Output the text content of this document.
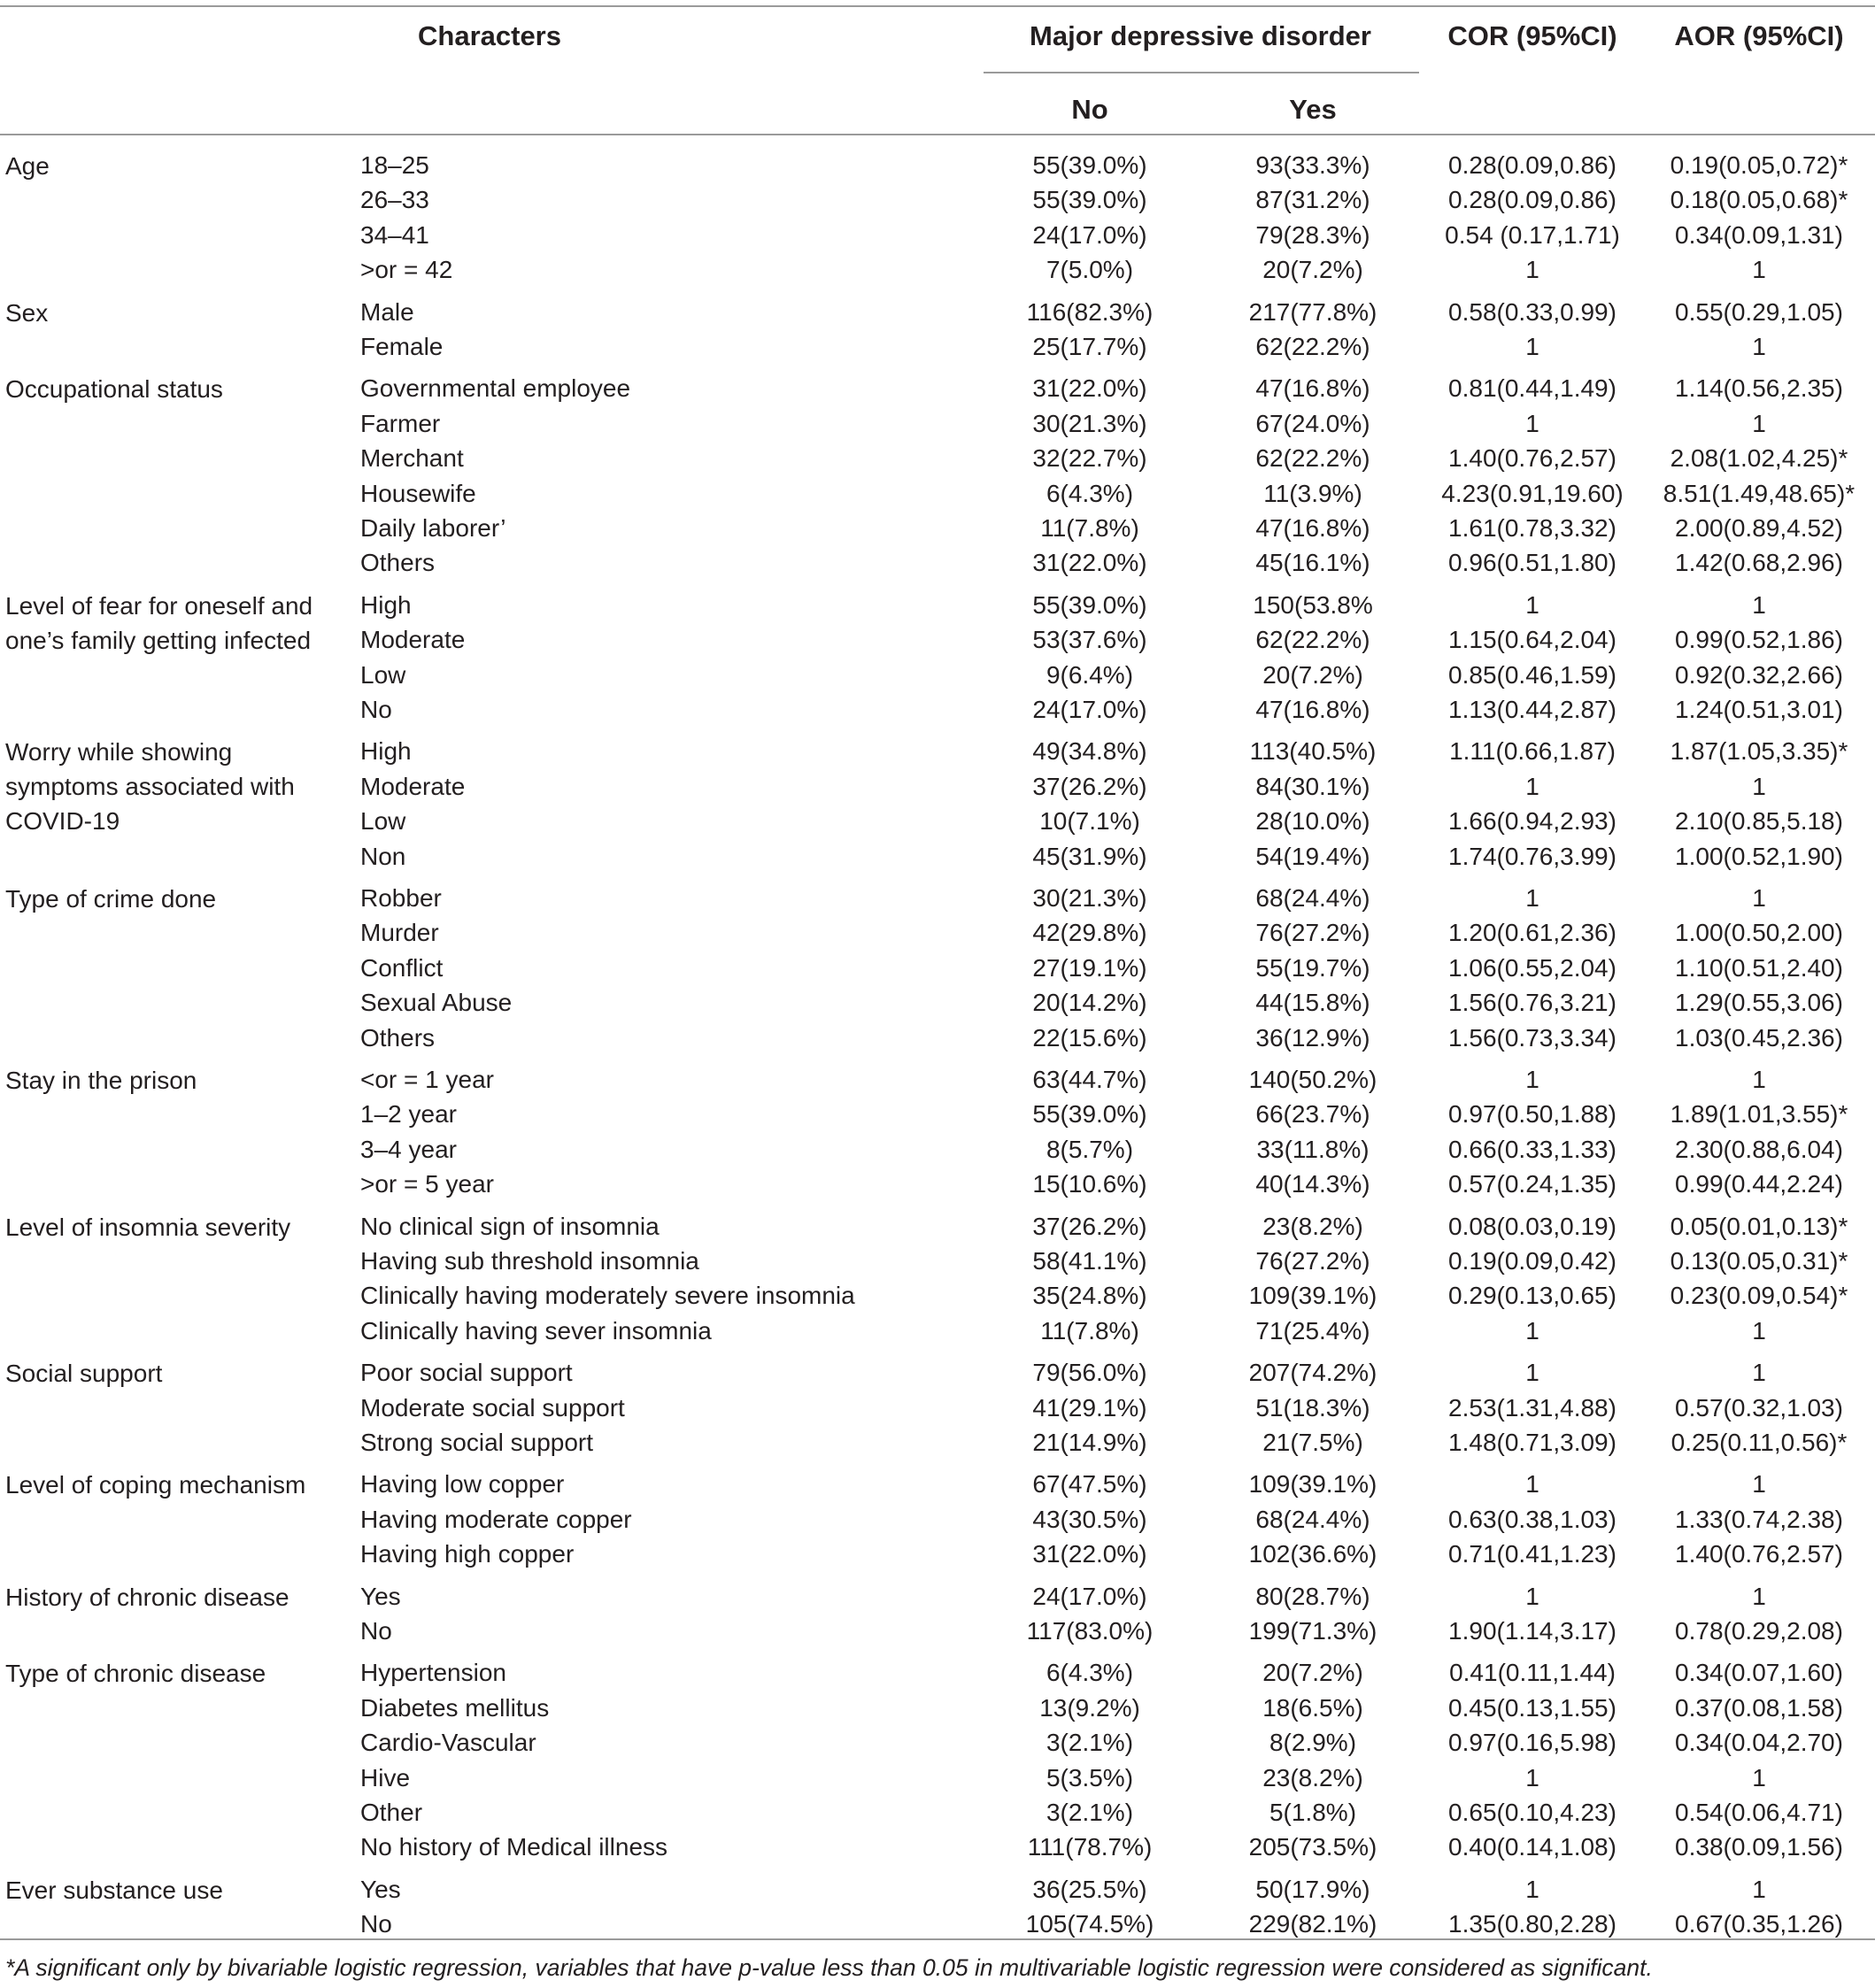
Characters	Major depressive disorder	COR (95%CI) AOR (95%CI)
No	Yes
Age	18–25	55(39.0%)	93(33.3%)	0.28(0.09,0.86) 0.19(0.05,0.72)*
26–33	55(39.0%)	87(31.2%)	0.28(0.09,0.86) 0.18(0.05,0.68)*
34–41	24(17.0%)	79(28.3%)	0.54 (0.17,1.71) 0.34(0.09,1.31)
>or = 42	7(5.0%)	20(7.2%)	1	1
Sex	Male	116(82.3%)	217(77.8%)	0.58(0.33,0.99) 0.55(0.29,1.05)
Female	25(17.7%)	62(22.2%)	1	1
Occupational status	Governmental employee	31(22.0%)	47(16.8%)	0.81(0.44,1.49) 1.14(0.56,2.35)
Farmer	30(21.3%)	67(24.0%)	1	1
Merchant	32(22.7%)	62(22.2%)	1.40(0.76,2.57) 2.08(1.02,4.25)*
Housewife	6(4.3%)	11(3.9%)	4.23(0.91,19.60) 8.51(1.49,48.65)*
Daily laborer’	11(7.8%)	47(16.8%)	1.61(0.78,3.32) 2.00(0.89,4.52)
Others	31(22.0%)	45(16.1%)	0.96(0.51,1.80) 1.42(0.68,2.96)
Level of fear for oneself and one’s family getting infected
High	55(39.0%)	150(53.8%	1	1
Moderate	53(37.6%)	62(22.2%)	1.15(0.64,2.04) 0.99(0.52,1.86)
Low	9(6.4%)	20(7.2%)	0.85(0.46,1.59) 0.92(0.32,2.66)
No	24(17.0%)	47(16.8%)	1.13(0.44,2.87) 1.24(0.51,3.01)
Worry while showing symptoms associated with COVID-19
High	49(34.8%)	113(40.5%)	1.11(0.66,1.87) 1.87(1.05,3.35)*
Moderate	37(26.2%)	84(30.1%)	1	1
Low	10(7.1%)	28(10.0%)	1.66(0.94,2.93) 2.10(0.85,5.18)
Non	45(31.9%)	54(19.4%)	1.74(0.76,3.99) 1.00(0.52,1.90)
Type of crime done	Robber	30(21.3%)	68(24.4%)	1	1
Murder	42(29.8%)	76(27.2%)	1.20(0.61,2.36) 1.00(0.50,2.00)
Conflict	27(19.1%)	55(19.7%)	1.06(0.55,2.04) 1.10(0.51,2.40)
Sexual Abuse	20(14.2%)	44(15.8%)	1.56(0.76,3.21) 1.29(0.55,3.06)
Others	22(15.6%)	36(12.9%)	1.56(0.73,3.34) 1.03(0.45,2.36)
Stay in the prison	<or = 1 year	63(44.7%)	140(50.2%)	1	1
1–2 year	55(39.0%)	66(23.7%)	0.97(0.50,1.88) 1.89(1.01,3.55)*
3–4 year	8(5.7%)	33(11.8%)	0.66(0.33,1.33) 2.30(0.88,6.04)
>or = 5 year	15(10.6%)	40(14.3%)	0.57(0.24,1.35) 0.99(0.44,2.24)
Level of insomnia severity	No clinical sign of insomnia	37(26.2%)	23(8.2%)	0.08(0.03,0.19) 0.05(0.01,0.13)*
Having sub threshold insomnia	58(41.1%)	76(27.2%)	0.19(0.09,0.42) 0.13(0.05,0.31)*
Clinically having moderately severe insomnia	35(24.8%)	109(39.1%)	0.29(0.13,0.65) 0.23(0.09,0.54)*
Clinically having sever insomnia	11(7.8%)	71(25.4%)	1	1
Social support	Poor social support	79(56.0%)	207(74.2%)	1	1
Moderate social support	41(29.1%)	51(18.3%)	2.53(1.31,4.88) 0.57(0.32,1.03)
Strong social support	21(14.9%)	21(7.5%)	1.48(0.71,3.09) 0.25(0.11,0.56)*
Level of coping mechanism	Having low copper	67(47.5%)	109(39.1%)	1	1
Having moderate copper	43(30.5%)	68(24.4%)	0.63(0.38,1.03) 1.33(0.74,2.38)
Having high copper	31(22.0%)	102(36.6%)	0.71(0.41,1.23) 1.40(0.76,2.57)
History of chronic disease	Yes	24(17.0%)	80(28.7%)	1	1
No	117(83.0%)	199(71.3%)	1.90(1.14,3.17) 0.78(0.29,2.08)
Type of chronic disease	Hypertension	6(4.3%)	20(7.2%)	0.41(0.11,1.44) 0.34(0.07,1.60)
Diabetes mellitus	13(9.2%)	18(6.5%)	0.45(0.13,1.55) 0.37(0.08,1.58)
Cardio-Vascular	3(2.1%)	8(2.9%)	0.97(0.16,5.98) 0.34(0.04,2.70)
Hive	5(3.5%)	23(8.2%)	1	1
Other	3(2.1%)	5(1.8%)	0.65(0.10,4.23) 0.54(0.06,4.71)
No history of Medical illness	111(78.7%)	205(73.5%)	0.40(0.14,1.08) 0.38(0.09,1.56)
Ever substance use	Yes	36(25.5%)	50(17.9%)	1	1
No	105(74.5%)	229(82.1%)	1.35(0.80,2.28) 0.67(0.35,1.26)
*A significant only by bivariable logistic regression, variables that have p-value less than 0.05 in multivariable logistic regression were considered as significant.
